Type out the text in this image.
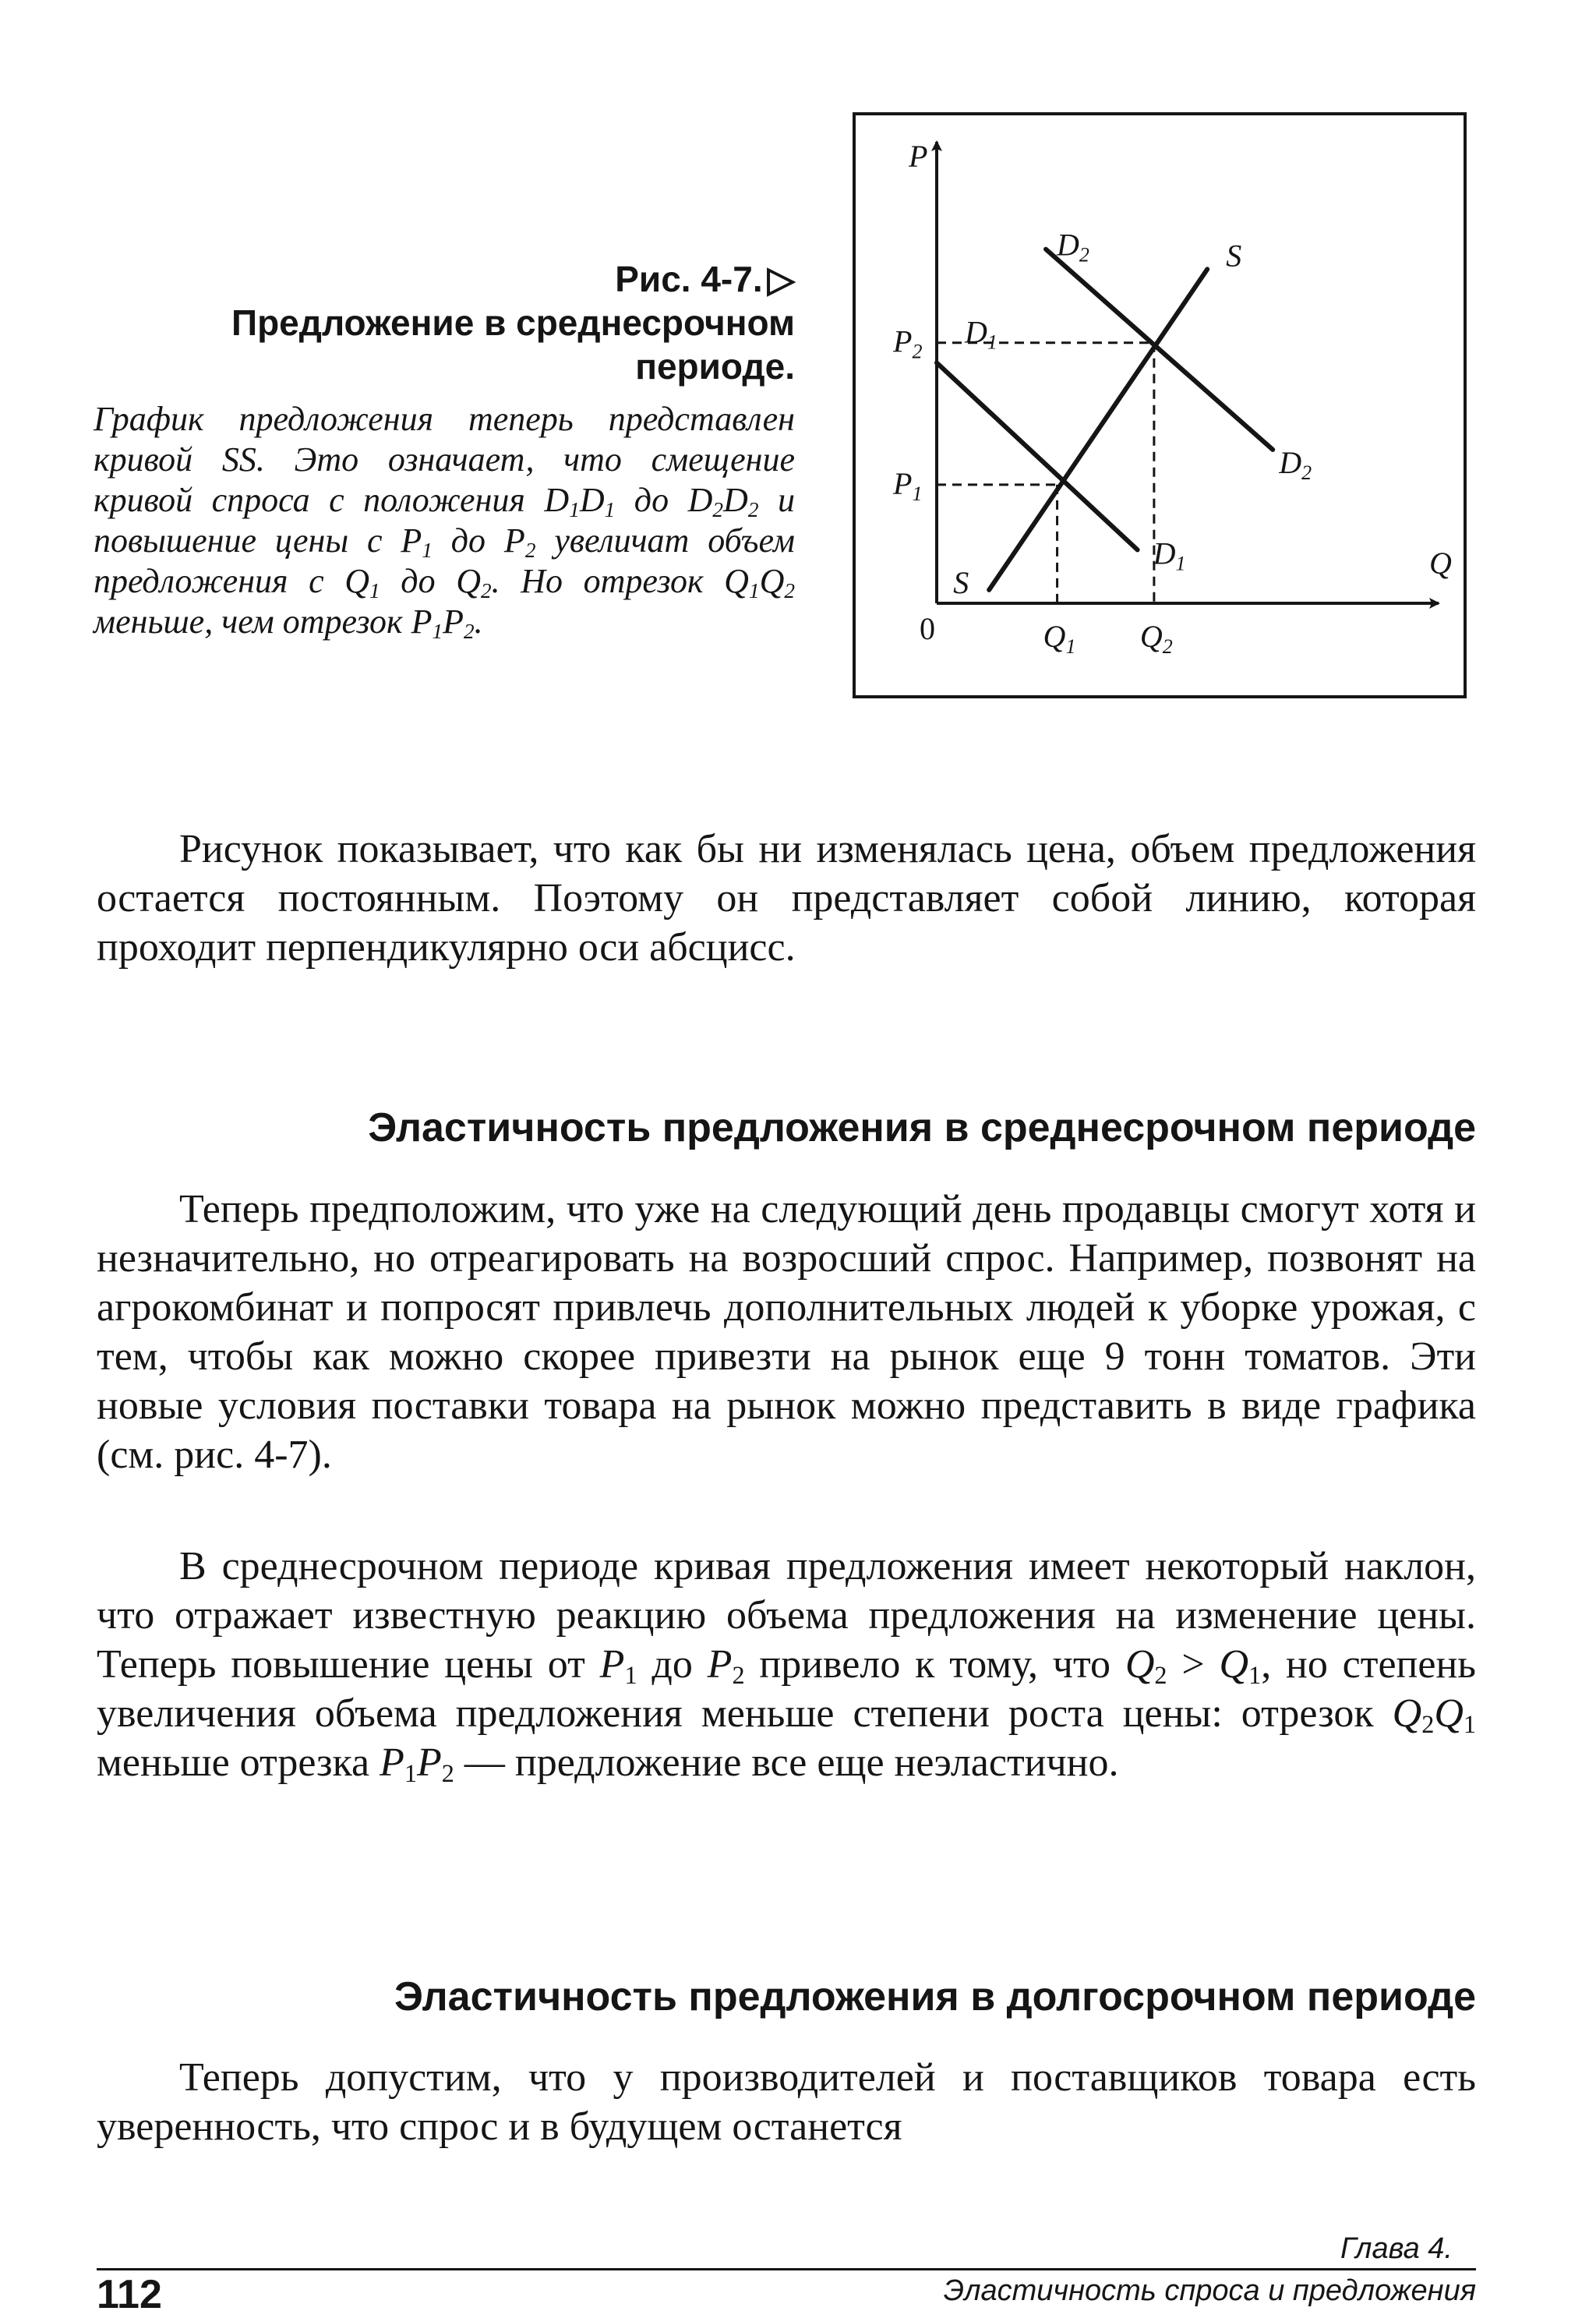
Рис. 4-7. ▷
Предложение в среднесрочном
периоде.

График предложения теперь представлен кривой SS. Это означает, что смещение кривой спроса с положения $D_1D_1$ до $D_2D_2$ и повышение цены с $P_1$ до $P_2$ увеличат объем предложения с $Q_1$ до $Q_2$. Но отрезок $Q_1Q_2$ меньше, чем отрезок $P_1P_2$.

P
Q
0
$P_1$
$P_2$
$Q_1$ $Q_2$
S
S
$D_1$
$D_1$
$D_2$
$D_2$

Рисунок показывает, что как бы ни изменялась цена, объем предложения остается постоянным. Поэтому он представляет собой линию, которая проходит перпендикулярно оси абсцисс.

Эластичность предложения в среднесрочном периоде

Теперь предположим, что уже на следующий день продавцы смогут хотя и незначительно, но отреагировать на возросший спрос. Например, позвонят на агрокомбинат и попросят привлечь дополнительных людей к уборке урожая, с тем, чтобы как можно скорее привезти на рынок еще 9 тонн томатов. Эти новые условия поставки товара на рынок можно представить в виде графика (см. рис. 4-7).

В среднесрочном периоде кривая предложения имеет некоторый наклон, что отражает известную реакцию объема предложения на изменение цены. Теперь повышение цены от $P_1$ до $P_2$ привело к тому, что $Q_2 > Q_1$, но степень увеличения объема предложения меньше степени роста цены: отрезок $Q_2Q_1$ меньше отрезка $P_1P_2$ — предложение все еще неэластично.

Эластичность предложения в долгосрочном периоде

Теперь допустим, что у производителей и поставщиков товара есть уверенность, что спрос и в будущем останется

Глава 4.
112	Эластичность спроса и предложения
